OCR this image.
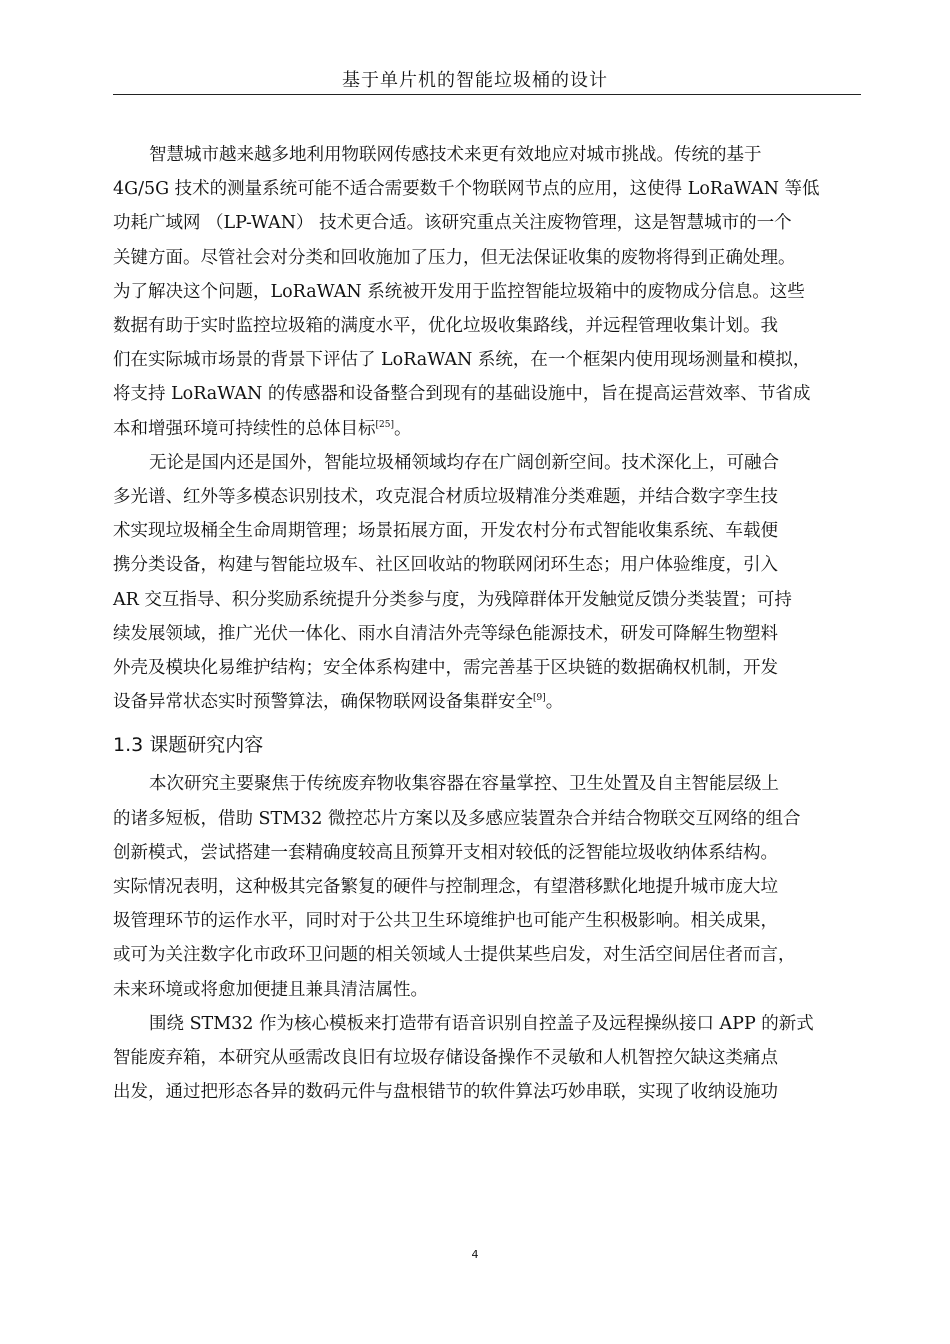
基于单片机的智能垃圾桶的设计
智慧城市越来越多地利用物联网传感技术来更有效地应对城市挑战。传统的基于
4G/5G 技术的测量系统可能不适合需要数千个物联网节点的应用，这使得 LoRaWAN 等低
功耗广域网 （LP-WAN） 技术更合适。该研究重点关注废物管理，这是智慧城市的一个
关键方面。尽管社会对分类和回收施加了压力，但无法保证收集的废物将得到正确处理。
为了解决这个问题，LoRaWAN 系统被开发用于监控智能垃圾箱中的废物成分信息。这些
数据有助于实时监控垃圾箱的满度水平，优化垃圾收集路线，并远程管理收集计划。我
们在实际城市场景的背景下评估了 LoRaWAN 系统，在一个框架内使用现场测量和模拟，
将支持 LoRaWAN 的传感器和设备整合到现有的基础设施中，旨在提高运营效率、节省成
本和增强环境可持续性的总体目标[25]。
无论是国内还是国外，智能垃圾桶领域均存在广阔创新空间。技术深化上，可融合
多光谱、红外等多模态识别技术，攻克混合材质垃圾精准分类难题，并结合数字孪生技
术实现垃圾桶全生命周期管理；场景拓展方面，开发农村分布式智能收集系统、车载便
携分类设备，构建与智能垃圾车、社区回收站的物联网闭环生态；用户体验维度，引入
AR 交互指导、积分奖励系统提升分类参与度，为残障群体开发触觉反馈分类装置；可持
续发展领域，推广光伏一体化、雨水自清洁外壳等绿色能源技术，研发可降解生物塑料
外壳及模块化易维护结构；安全体系构建中，需完善基于区块链的数据确权机制，开发
设备异常状态实时预警算法，确保物联网设备集群安全[9]。
1.3 课题研究内容
本次研究主要聚焦于传统废弃物收集容器在容量掌控、卫生处置及自主智能层级上
的诸多短板，借助 STM32 微控芯片方案以及多感应装置杂合并结合物联交互网络的组合
创新模式，尝试搭建一套精确度较高且预算开支相对较低的泛智能垃圾收纳体系结构。
实际情况表明，这种极其完备繁复的硬件与控制理念，有望潜移默化地提升城市庞大垃
圾管理环节的运作水平，同时对于公共卫生环境维护也可能产生积极影响。相关成果，
或可为关注数字化市政环卫问题的相关领域人士提供某些启发，对生活空间居住者而言，
未来环境或将愈加便捷且兼具清洁属性。
围绕 STM32 作为核心模板来打造带有语音识别自控盖子及远程操纵接口 APP 的新式
智能废弃箱，本研究从亟需改良旧有垃圾存储设备操作不灵敏和人机智控欠缺这类痛点
出发，通过把形态各异的数码元件与盘根错节的软件算法巧妙串联，实现了收纳设施功
4
